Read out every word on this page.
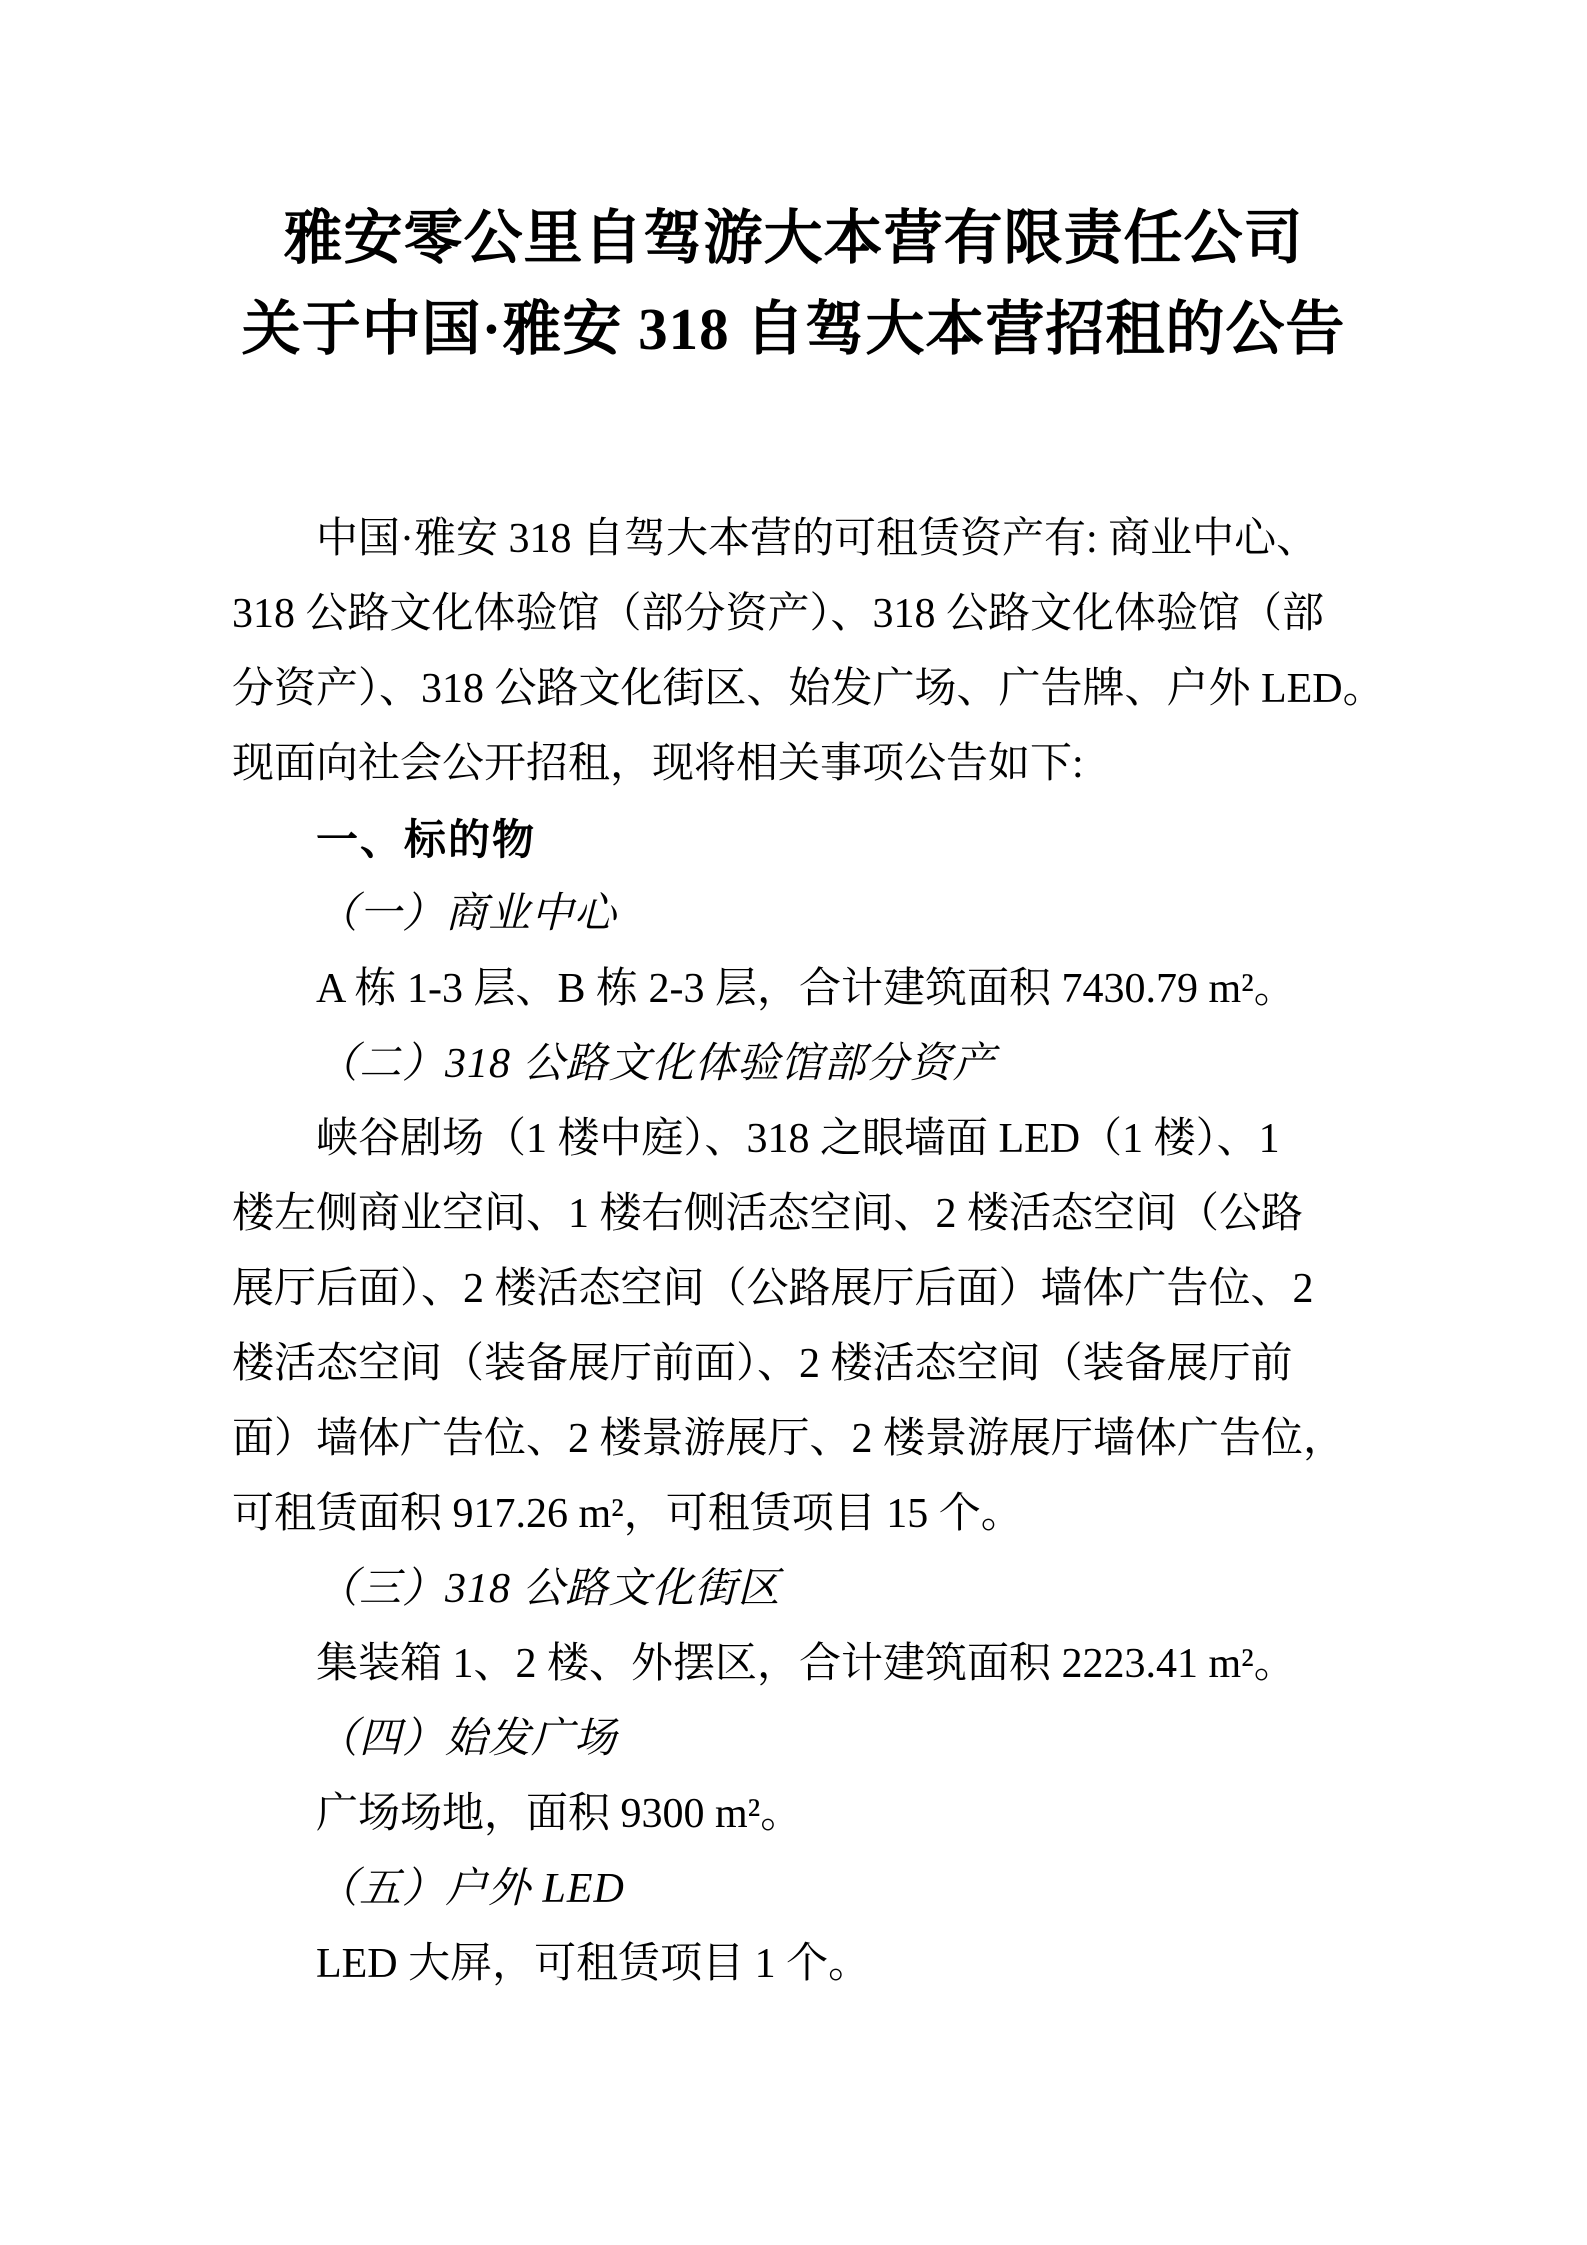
雅安零公里自驾游大本营有限责任公司
关于中国·雅安 318 自驾大本营招租的公告
中国·雅安 318 自驾大本营的可租赁资产有: 商业中心、
318 公路文化体验馆（部分资产）、318 公路文化体验馆（部
分资产）、318 公路文化街区、始发广场、广告牌、户外 LED。
现面向社会公开招租，现将相关事项公告如下:
一、标的物
（一）商业中心
A 栋 1-3 层、B 栋 2-3 层，合计建筑面积 7430.79 m²。
（二）318 公路文化体验馆部分资产
峡谷剧场（1 楼中庭）、318 之眼墙面 LED（1 楼）、1
楼左侧商业空间、1 楼右侧活态空间、2 楼活态空间（公路
展厅后面）、2 楼活态空间（公路展厅后面）墙体广告位、2
楼活态空间（装备展厅前面）、2 楼活态空间（装备展厅前
面）墙体广告位、2 楼景游展厅、2 楼景游展厅墙体广告位，
可租赁面积 917.26 m²，可租赁项目 15 个。
（三）318 公路文化街区
集装箱 1、2 楼、外摆区，合计建筑面积 2223.41 m²。
（四）始发广场
广场场地，面积 9300 m²。
（五）户外 LED
LED 大屏，可租赁项目 1 个。
